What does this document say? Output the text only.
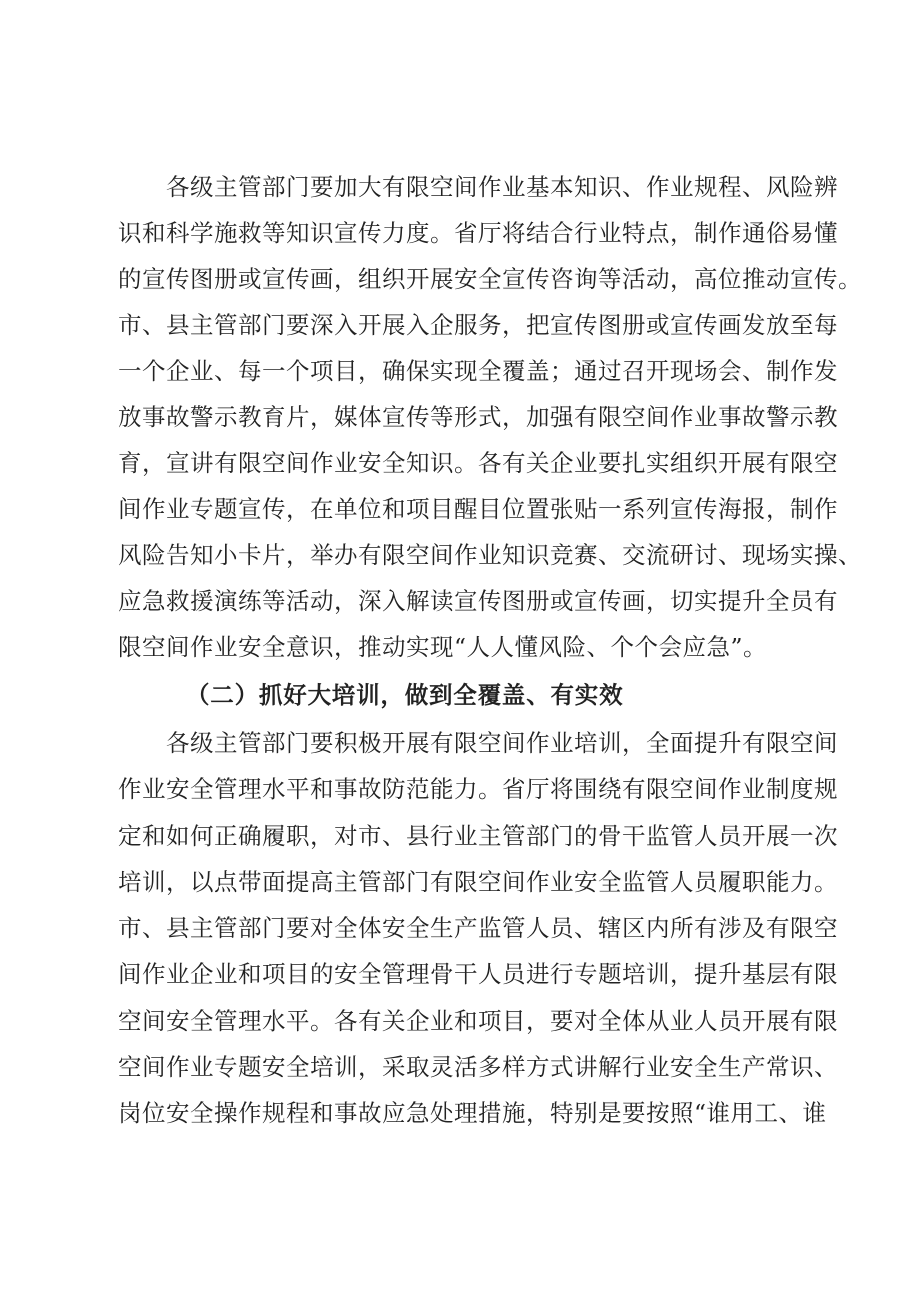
各级主管部门要加大有限空间作业基本知识、作业规程、风险辨
识和科学施救等知识宣传力度。省厅将结合行业特点，制作通俗易懂
的宣传图册或宣传画，组织开展安全宣传咨询等活动，高位推动宣传。
市、县主管部门要深入开展入企服务，把宣传图册或宣传画发放至每
一个企业、每一个项目，确保实现全覆盖；通过召开现场会、制作发
放事故警示教育片，媒体宣传等形式，加强有限空间作业事故警示教
育，宣讲有限空间作业安全知识。各有关企业要扎实组织开展有限空
间作业专题宣传，在单位和项目醒目位置张贴一系列宣传海报，制作
风险告知小卡片，举办有限空间作业知识竞赛、交流研讨、现场实操、
应急救援演练等活动，深入解读宣传图册或宣传画，切实提升全员有
限空间作业安全意识，推动实现“人人懂风险、个个会应急”。
（二）抓好大培训，做到全覆盖、有实效
各级主管部门要积极开展有限空间作业培训，全面提升有限空间
作业安全管理水平和事故防范能力。省厅将围绕有限空间作业制度规
定和如何正确履职，对市、县行业主管部门的骨干监管人员开展一次
培训，以点带面提高主管部门有限空间作业安全监管人员履职能力。
市、县主管部门要对全体安全生产监管人员、辖区内所有涉及有限空
间作业企业和项目的安全管理骨干人员进行专题培训，提升基层有限
空间安全管理水平。各有关企业和项目，要对全体从业人员开展有限
空间作业专题安全培训，采取灵活多样方式讲解行业安全生产常识、
岗位安全操作规程和事故应急处理措施，特别是要按照“谁用工、谁
